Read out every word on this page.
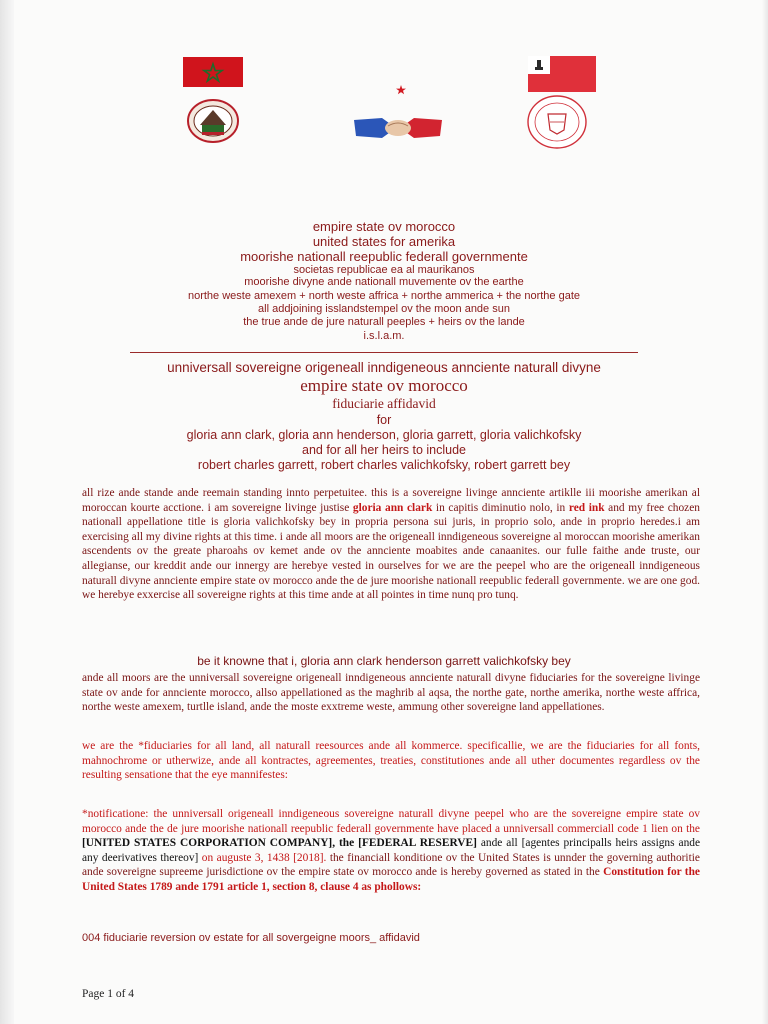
empire state ov morocco
united states for amerika
moorishe nationall reepublic federall governmente
societas republicae ea al maurikanos
moorishe divyne ande nationall muvemente ov the earthe
northe weste amexem + north weste affrica + northe ammerica + the northe gate
all addjoining isslandstempel ov the moon ande sun
the true ande de jure naturall peeples + heirs ov the lande
i.s.l.a.m.
unniversall sovereigne origeneall inndigeneous annciente naturall divyne
empire state ov morocco
fiduciarie affidavid
for
gloria ann clark, gloria ann henderson, gloria garrett, gloria valichkofsky
and for all her heirs to include
robert charles garrett, robert charles valichkofsky, robert garrett bey

all rize ande stande ande reemain standing innto perpetuitee. this is a sovereigne livinge annciente artiklle iii moorishe amerikan al moroccan kourte acctione. i am sovereigne livinge justise gloria ann clark in capitis diminutio nolo, in red ink and my free chozen nationall appellatione title is gloria valichkofsky bey in propria persona sui juris, in proprio solo, ande in proprio heredes.i am exercising all my divine rights at this time. i ande all moors are the origeneall inndigeneous sovereigne al moroccan moorishe amerikan ascendents ov the greate pharoahs ov kemet ande ov the annciente moabites ande canaanites. our fulle faithe ande truste, our allegianse, our kreddit ande our innergy are herebye vested in ourselves for we are the peepel who are the origeneall inndigeneous naturall divyne annciente empire state ov morocco ande the de jure moorishe nationall reepublic federall governmente. we are one god. we herebye exxercise all sovereigne rights at this time ande at all pointes in time nunq pro tunq.

be it knowne that i, gloria ann clark henderson garrett valichkofsky bey

ande all moors are the unniversall sovereigne origeneall inndigeneous annciente naturall divyne fiduciaries for the sovereigne livinge state ov ande for annciente morocco, allso appellationed as the maghrib al aqsa, the northe gate, northe amerika, northe weste affrica, northe weste amexem, turtlle island, ande the moste exxtreme weste, ammung other sovereigne land appellationes.

we are the *fiduciaries for all land, all naturall reesources ande all kommerce. specificallie, we are the fiduciaries for all fonts, mahnochrome or utherwize, ande all kontractes, agreementes, treaties, constitutiones ande all uther documentes regardless ov the resulting sensatione that the eye mannifestes:

*notificatione: the unniversall origeneall inndigeneous sovereigne naturall divyne peepel who are the sovereigne empire state ov morocco ande the de jure moorishe nationall reepublic federall governmente have placed a unniversall commerciall code 1 lien on the [UNITED STATES CORPORATION COMPANY], the [FEDERAL RESERVE] ande all [agentes principalls heirs assigns ande any deerivatives thereov] on auguste 3, 1438 [2018]. the financiall konditione ov the United States is unnder the governing authoritie ande sovereigne supreeme jurisdictione ov the empire state ov morocco ande is hereby governed as stated in the Constitution for the United States 1789 ande 1791 article 1, section 8, clause 4 as phollows:

004 fiduciarie reversion ov estate for all sovergeigne moors_ affidavid
Page 1 of 4
